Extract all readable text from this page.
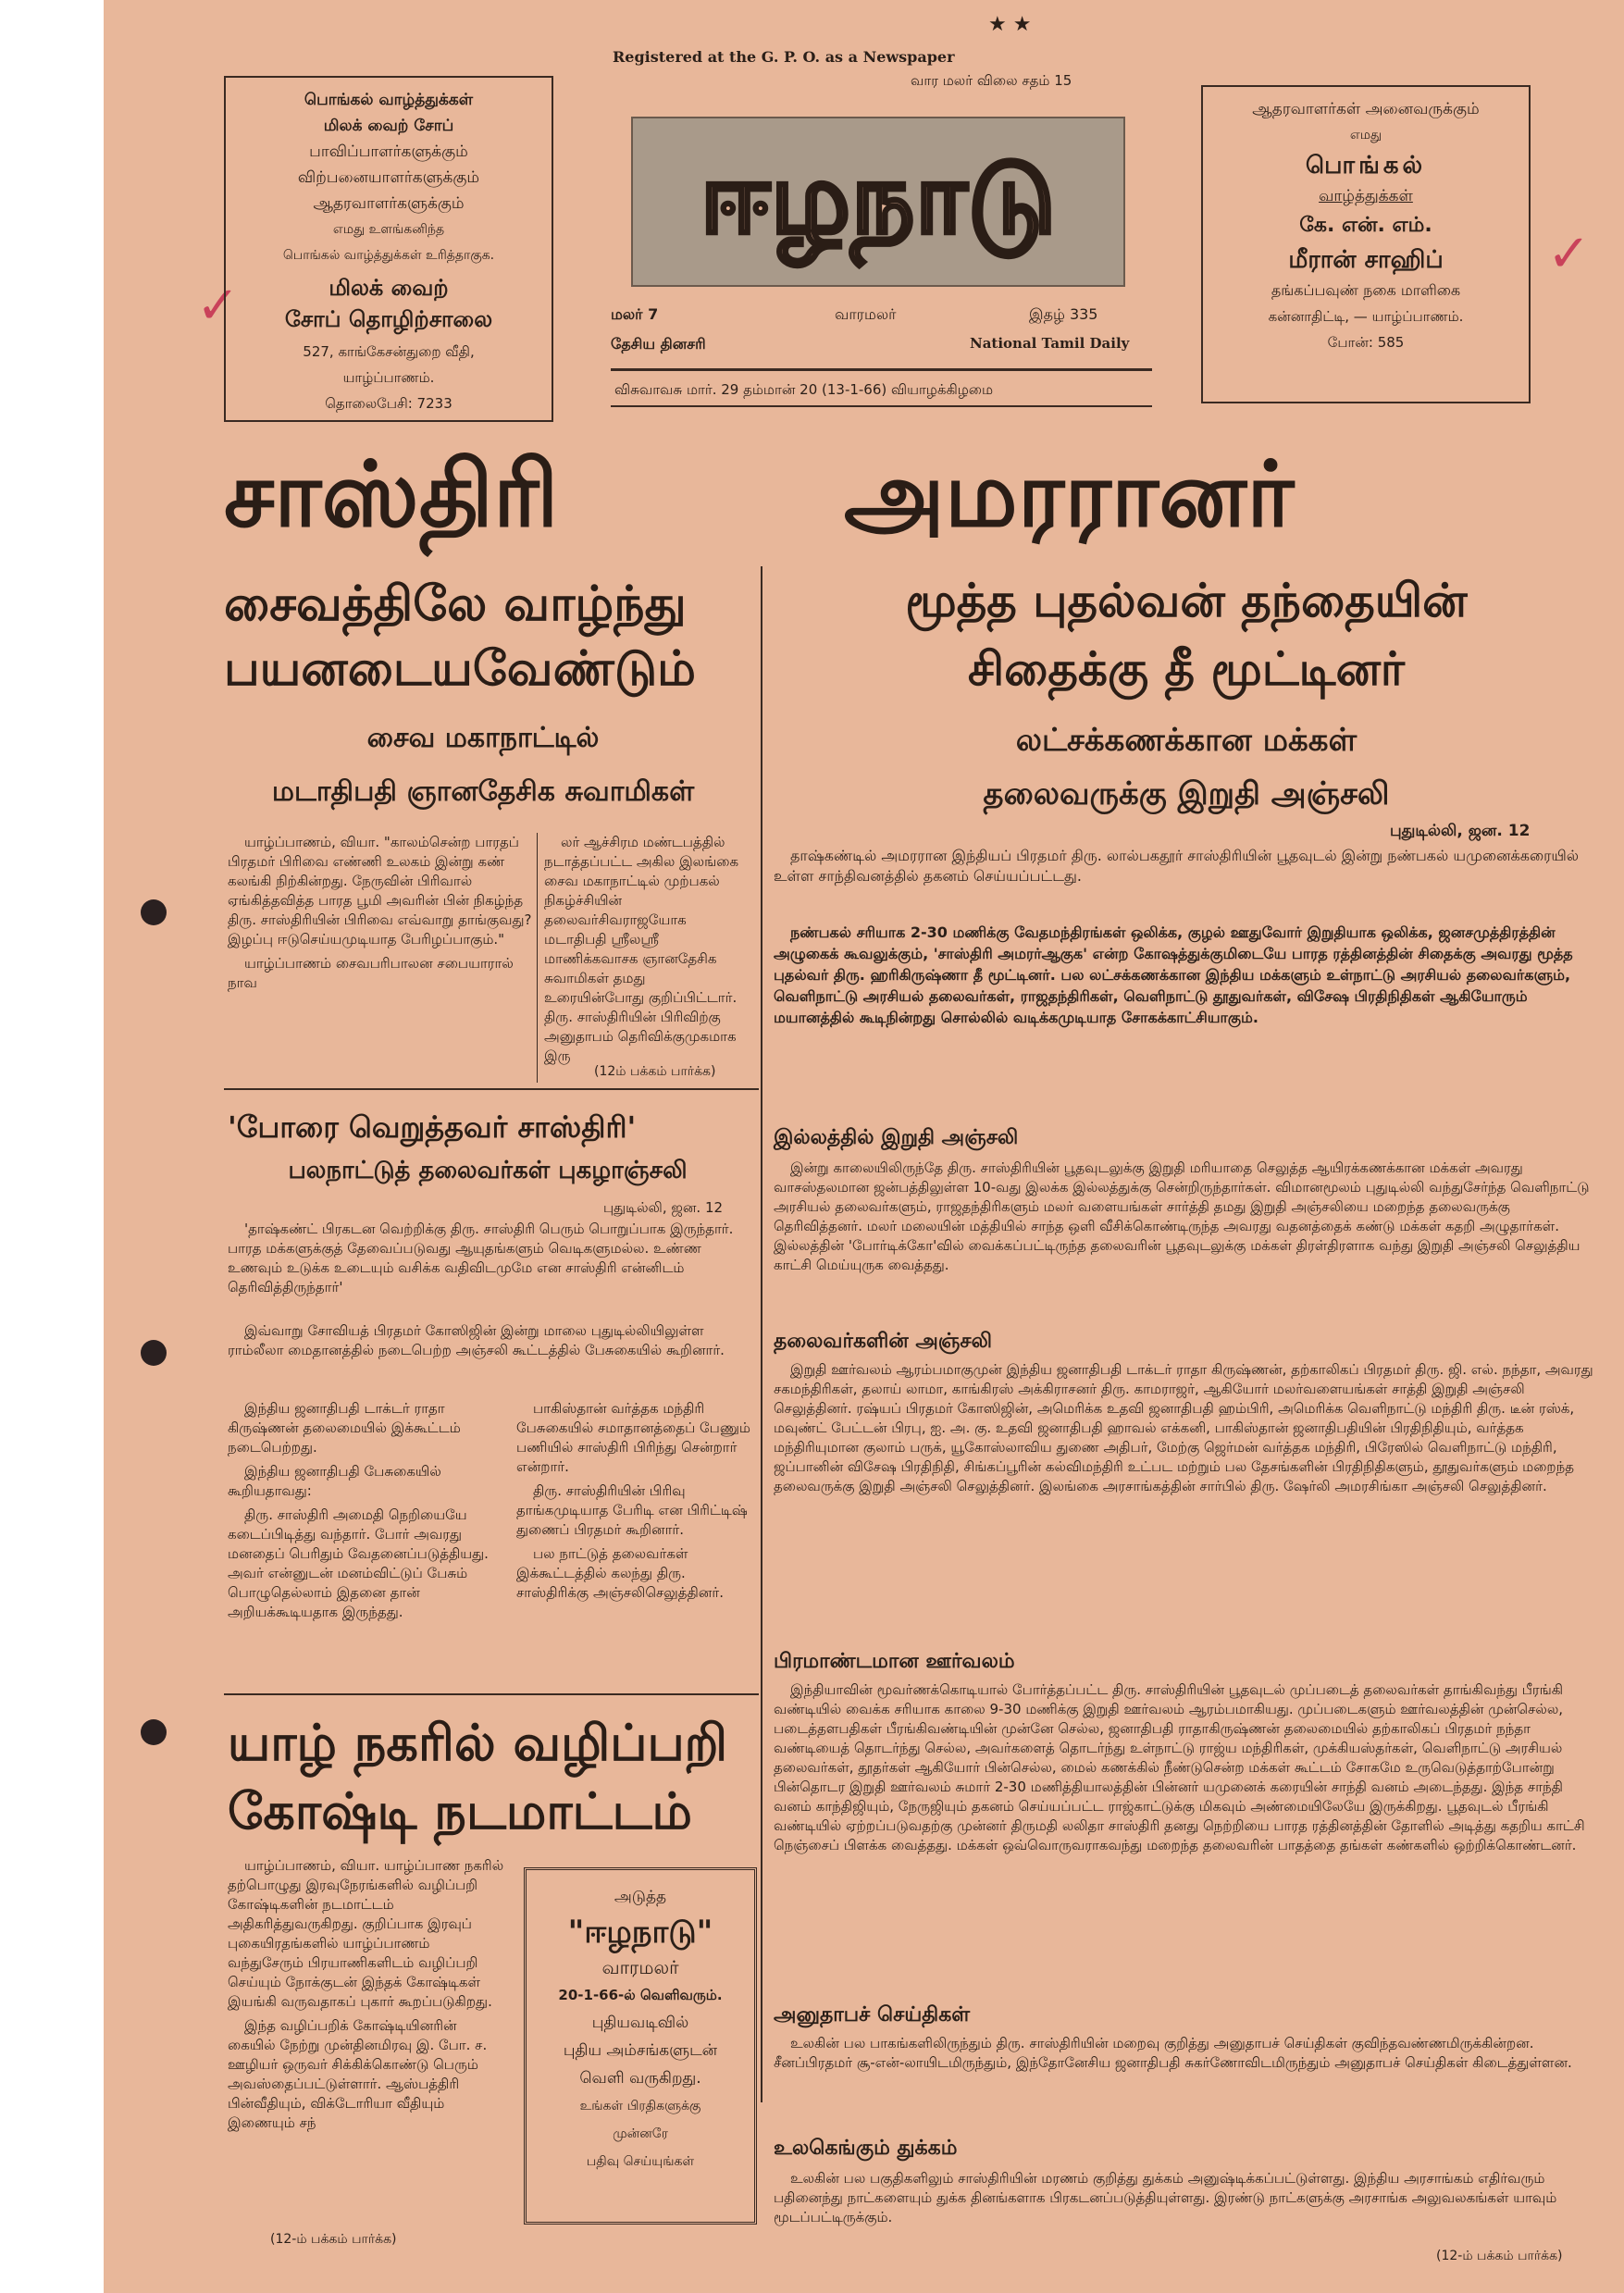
✓
✓
Registered at the G. P. O. as a Newspaper
★ ★
வார மலர் விலை சதம் 15
ஈழநாடு
மலர் 7	வாரமலர்	இதழ் 335
தேசிய தினசரி	National Tamil Daily
விசுவாவசு மார். 29 தம்மான் 20 (13-1-66) வியாழக்கிழமை
பொங்கல் வாழ்த்துக்கள்
மிலக் வைற் சோப்
பாவிப்பாளர்களுக்கும்
விற்பனையாளர்களுக்கும்
ஆதரவாளர்களுக்கும்
எமது உளங்கனிந்த
பொங்கல் வாழ்த்துக்கள் உரித்தாகுக.
மிலக் வைற்
சோப் தொழிற்சாலை
527, காங்கேசன்துறை வீதி,
யாழ்ப்பாணம்.
தொலைபேசி: 7233
ஆதரவாளர்கள் அனைவருக்கும்
எமது
பொங்கல்
வாழ்த்துக்கள்
கே. என். எம்.
மீரான் சாஹிப்
தங்கப்பவுண் நகை மாளிகை
கன்னாதிட்டி, — யாழ்ப்பாணம்.
போன்: 585
சாஸ்திரி	அமரரானர்
சைவத்திலே வாழ்ந்து
பயனடையவேண்டும்
சைவ மகாநாட்டில்
மடாதிபதி ஞானதேசிக சுவாமிகள்

யாழ்ப்பாணம், வியா. "காலம்சென்ற பாரதப் பிரதமர் பிரிவை எண்ணி உலகம் இன்று கண் கலங்கி நிற்கின்றது. நேருவின் பிரிவால் ஏங்கித்தவித்த பாரத பூமி அவரின் பின் நிகழ்ந்த திரு. சாஸ்திரியின் பிரிவை எவ்வாறு தாங்குவது? இழப்பு ஈடுசெய்யமுடியாத பேரிழப்பாகும்."

யாழ்ப்பாணம் சைவபரிபாலன சபையாரால் நாவ

லர் ஆச்சிரம மண்டபத்தில் நடாத்தப்பட்ட அகில இலங்கை சைவ மகாநாட்டில் முற்பகல் நிகழ்ச்சியின் தலைவர்சிவராஜயோக மடாதிபதி ஸ்ரீலஸ்ரீ மாணிக்கவாசக ஞானதேசிக சுவாமிகள் தமது உரையின்போது குறிப்பிட்டார். திரு. சாஸ்திரியின் பிரிவிற்கு அனுதாபம் தெரிவிக்குமுகமாக இரு

(12ம் பக்கம் பார்க்க)
'போரை வெறுத்தவர் சாஸ்திரி'
பலநாட்டுத் தலைவர்கள் புகழாஞ்சலி
புதுடில்லி, ஜன. 12

'தாஷ்கண்ட் பிரகடன வெற்றிக்கு திரு. சாஸ்திரி பெரும் பொறுப்பாக இருந்தார். பாரத மக்களுக்குத் தேவைப்படுவது ஆயுதங்களும் வெடிகளுமல்ல. உண்ண உணவும் உடுக்க உடையும் வசிக்க வதிவிடமுமே என சாஸ்திரி என்னிடம் தெரிவித்திருந்தார்'

இவ்வாறு சோவியத் பிரதமர் கோஸிஜின் இன்று மாலை புதுடில்லியிலுள்ள ராம்லீலா மைதானத்தில் நடைபெற்ற அஞ்சலி கூட்டத்தில் பேசுகையில் கூறினார்.

இந்திய ஜனாதிபதி டாக்டர் ராதா கிருஷ்ணன் தலைமையில் இக்கூட்டம் நடைபெற்றது.

இந்திய ஜனாதிபதி பேசுகையில் கூறியதாவது:

திரு. சாஸ்திரி அமைதி நெறியையே கடைப்பிடித்து வந்தார். போர் அவரது மனதைப் பெரிதும் வேதனைப்படுத்தியது. அவர் என்னுடன் மனம்விட்டுப் பேசும் பொழுதெல்லாம் இதனை தான் அறியக்கூடியதாக இருந்தது.

பாகிஸ்தான் வர்த்தக மந்திரி பேசுகையில் சமாதானத்தைப் பேணும் பணியில் சாஸ்திரி பிரிந்து சென்றார் என்றார்.

திரு. சாஸ்திரியின் பிரிவு தாங்கமுடியாத பேரிடி என பிரிட்டிஷ் துணைப் பிரதமர் கூறினார்.

பல நாட்டுத் தலைவர்கள் இக்கூட்டத்தில் கலந்து திரு. சாஸ்திரிக்கு அஞ்சலிசெலுத்தினர்.

யாழ் நகரில் வழிப்பறி
கோஷ்டி நடமாட்டம்

யாழ்ப்பாணம், வியா. யாழ்ப்பாண நகரில் தற்பொழுது இரவுநேரங்களில் வழிப்பறி கோஷ்டிகளின் நடமாட்டம் அதிகரித்துவருகிறது. குறிப்பாக இரவுப் புகையிரதங்களில் யாழ்ப்பாணம் வந்துசேரும் பிரயாணிகளிடம் வழிப்பறி செய்யும் நோக்குடன் இந்தக் கோஷ்டிகள் இயங்கி வருவதாகப் புகார் கூறப்படுகிறது.

இந்த வழிப்பறிக் கோஷ்டியினரின் கையில் நேற்று முன்தினமிரவு இ. போ. ச. ஊழியர் ஒருவர் சிக்கிக்கொண்டு பெரும் அவஸ்தைப்பட்டுள்ளார். ஆஸ்பத்திரி பின்வீதியும், விக்டோரியா வீதியும் இணையும் சந்

(12-ம் பக்கம் பார்க்க)
அடுத்த
"ஈழநாடு"
வாரமலர்
20-1-66-ல் வெளிவரும்.
புதியவடிவில்
புதிய அம்சங்களுடன்
வெளி வருகிறது.
உங்கள் பிரதிகளுக்கு
முன்னரே
பதிவு செய்யுங்கள்
மூத்த புதல்வன் தந்தையின்
சிதைக்கு தீ மூட்டினர்
லட்சக்கணக்கான மக்கள்
தலைவருக்கு இறுதி அஞ்சலி
புதுடில்லி, ஜன. 12

தாஷ்கண்டில் அமரரான இந்தியப் பிரதமர் திரு. லால்பகதூர் சாஸ்திரியின் பூதவுடல் இன்று நண்பகல் யமுனைக்கரையில் உள்ள சாந்திவனத்தில் தகனம் செய்யப்பட்டது.

நண்பகல் சரியாக 2-30 மணிக்கு வேதமந்திரங்கள் ஒலிக்க, குழல் ஊதுவோர் இறுதியாக ஒலிக்க, ஜனசமுத்திரத்தின் அழுகைக் கூவலுக்கும், 'சாஸ்திரி அமரர்ஆகுக' என்ற கோஷத்துக்குமிடையே பாரத ரத்தினத்தின் சிதைக்கு அவரது மூத்த புதல்வர் திரு. ஹரிகிருஷ்ணா தீ மூட்டினர். பல லட்சக்கணக்கான இந்திய மக்களும் உள்நாட்டு அரசியல் தலைவர்களும், வெளிநாட்டு அரசியல் தலைவர்கள், ராஜதந்திரிகள், வெளிநாட்டு தூதுவர்கள், விசேஷ பிரதிநிதிகள் ஆகியோரும் மயானத்தில் கூடிநின்றது சொல்லில் வடிக்கமுடியாத சோகக்காட்சியாகும்.

இல்லத்தில் இறுதி அஞ்சலி

இன்று காலையிலிருந்தே திரு. சாஸ்திரியின் பூதவுடலுக்கு இறுதி மரியாதை செலுத்த ஆயிரக்கணக்கான மக்கள் அவரது வாசஸ்தலமான ஜன்பத்திலுள்ள 10-வது இலக்க இல்லத்துக்கு சென்றிருந்தார்கள். விமானமூலம் புதுடில்லி வந்துசேர்ந்த வெளிநாட்டு அரசியல் தலைவர்களும், ராஜதந்திரிகளும் மலர் வளையங்கள் சார்த்தி தமது இறுதி அஞ்சலியை மறைந்த தலைவருக்கு தெரிவித்தனர். மலர் மலையின் மத்தியில் சாந்த ஒளி வீசிக்கொண்டிருந்த அவரது வதனத்தைக் கண்டு மக்கள் கதறி அழுதார்கள். இல்லத்தின் 'போர்டிக்கோ'வில் வைக்கப்பட்டிருந்த தலைவரின் பூதவுடலுக்கு மக்கள் திரள்திரளாக வந்து இறுதி அஞ்சலி செலுத்திய காட்சி மெய்யுருக வைத்தது.

தலைவர்களின் அஞ்சலி

இறுதி ஊர்வலம் ஆரம்பமாகுமுன் இந்திய ஜனாதிபதி டாக்டர் ராதா கிருஷ்ணன், தற்காலிகப் பிரதமர் திரு. ஜி. எல். நந்தா, அவரது சகமந்திரிகள், தலாய் லாமா, காங்கிரஸ் அக்கிராசனர் திரு. காமராஜர், ஆகியோர் மலர்வளையங்கள் சாத்தி இறுதி அஞ்சலி செலுத்தினர். ரஷ்யப் பிரதமர் கோஸிஜின், அமெரிக்க உதவி ஜனாதிபதி ஹம்பிரி, அமெரிக்க வெளிநாட்டு மந்திரி திரு. டீன் ரஸ்க், மவுண்ட் பேட்டன் பிரபு, ஐ. அ. கு. உதவி ஜனாதிபதி ஹாவல் எக்கனி, பாகிஸ்தான் ஜனாதிபதியின் பிரதிநிதியும், வர்த்தக மந்திரியுமான குலாம் பருக், யூகோஸ்லாவிய துணை அதிபர், மேற்கு ஜெர்மன் வர்த்தக மந்திரி, பிரேஸில் வெளிநாட்டு மந்திரி, ஜப்பானின் விசேஷ பிரதிநிதி, சிங்கப்பூரின் கல்விமந்திரி உட்பட மற்றும் பல தேசங்களின் பிரதிநிதிகளும், தூதுவர்களும் மறைந்த தலைவருக்கு இறுதி அஞ்சலி செலுத்தினர். இலங்கை அரசாங்கத்தின் சார்பில் திரு. ஷேர்லி அமரசிங்கா அஞ்சலி செலுத்தினர்.

பிரமாண்டமான ஊர்வலம்

இந்தியாவின் மூவர்ணக்கொடியால் போர்த்தப்பட்ட திரு. சாஸ்திரியின் பூதவுடல் முப்படைத் தலைவர்கள் தாங்கிவந்து பீரங்கி வண்டியில் வைக்க சரியாக காலை 9-30 மணிக்கு இறுதி ஊர்வலம் ஆரம்பமாகியது. முப்படைகளும் ஊர்வலத்தின் முன்செல்ல, படைத்தளபதிகள் பீரங்கிவண்டியின் முன்னே செல்ல, ஜனாதிபதி ராதாகிருஷ்ணன் தலைமையில் தற்காலிகப் பிரதமர் நந்தா வண்டியைத் தொடர்ந்து செல்ல, அவர்களைத் தொடர்ந்து உள்நாட்டு ராஜ்ய மந்திரிகள், முக்கியஸ்தர்கள், வெளிநாட்டு அரசியல் தலைவர்கள், தூதர்கள் ஆகியோர் பின்செல்ல, மைல் கணக்கில் நீண்டுசென்ற மக்கள் கூட்டம் சோகமே உருவெடுத்தாற்போன்று பின்தொடர இறுதி ஊர்வலம் சுமார் 2-30 மணித்தியாலத்தின் பின்னர் யமுனைக் கரையின் சாந்தி வனம் அடைந்தது. இந்த சாந்தி வனம் காந்திஜியும், நேருஜியும் தகனம் செய்யப்பட்ட ராஜ்காட்டுக்கு மிகவும் அண்மையிலேயே இருக்கிறது. பூதவுடல் பீரங்கி வண்டியில் ஏற்றப்படுவதற்கு முன்னர் திருமதி லலிதா சாஸ்திரி தனது நெற்றியை பாரத ரத்தினத்தின் தோளில் அடித்து கதறிய காட்சி நெஞ்சைப் பிளக்க வைத்தது. மக்கள் ஒவ்வொருவராகவந்து மறைந்த தலைவரின் பாதத்தை தங்கள் கண்களில் ஒற்றிக்கொண்டனர்.

அனுதாபச் செய்திகள்

உலகின் பல பாகங்களிலிருந்தும் திரு. சாஸ்திரியின் மறைவு குறித்து அனுதாபச் செய்திகள் குவிந்தவண்ணமிருக்கின்றன. சீனப்பிரதமர் சூ-என்-லாயிடமிருந்தும், இந்தோனேசிய ஜனாதிபதி சுகர்ணோவிடமிருந்தும் அனுதாபச் செய்திகள் கிடைத்துள்ளன.

உலகெங்கும் துக்கம்

உலகின் பல பகுதிகளிலும் சாஸ்திரியின் மரணம் குறித்து துக்கம் அனுஷ்டிக்கப்பட்டுள்ளது. இந்திய அரசாங்கம் எதிர்வரும் பதினைந்து நாட்களையும் துக்க தினங்களாக பிரகடனப்படுத்தியுள்ளது. இரண்டு நாட்களுக்கு அரசாங்க அலுவலகங்கள் யாவும் மூடப்பட்டிருக்கும்.

(12-ம் பக்கம் பார்க்க)
